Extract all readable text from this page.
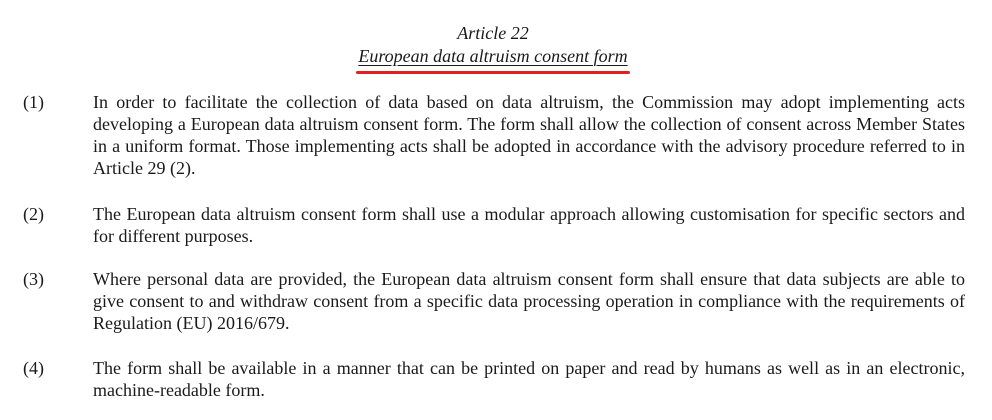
Article 22
European data altruism consent form
(1)	In order to facilitate the collection of data based on data altruism, the Commission may adopt implementing acts developing a European data altruism consent form. The form shall allow the collection of consent across Member States in a uniform format. Those implementing acts shall be adopted in accordance with the advisory procedure referred to in Article 29 (2).
(2)	The European data altruism consent form shall use a modular approach allowing customisation for specific sectors and for different purposes.
(3)	Where personal data are provided, the European data altruism consent form shall ensure that data subjects are able to give consent to and withdraw consent from a specific data processing operation in compliance with the requirements of Regulation (EU) 2016/679.
(4)	The form shall be available in a manner that can be printed on paper and read by humans as well as in an electronic, machine-readable form.
